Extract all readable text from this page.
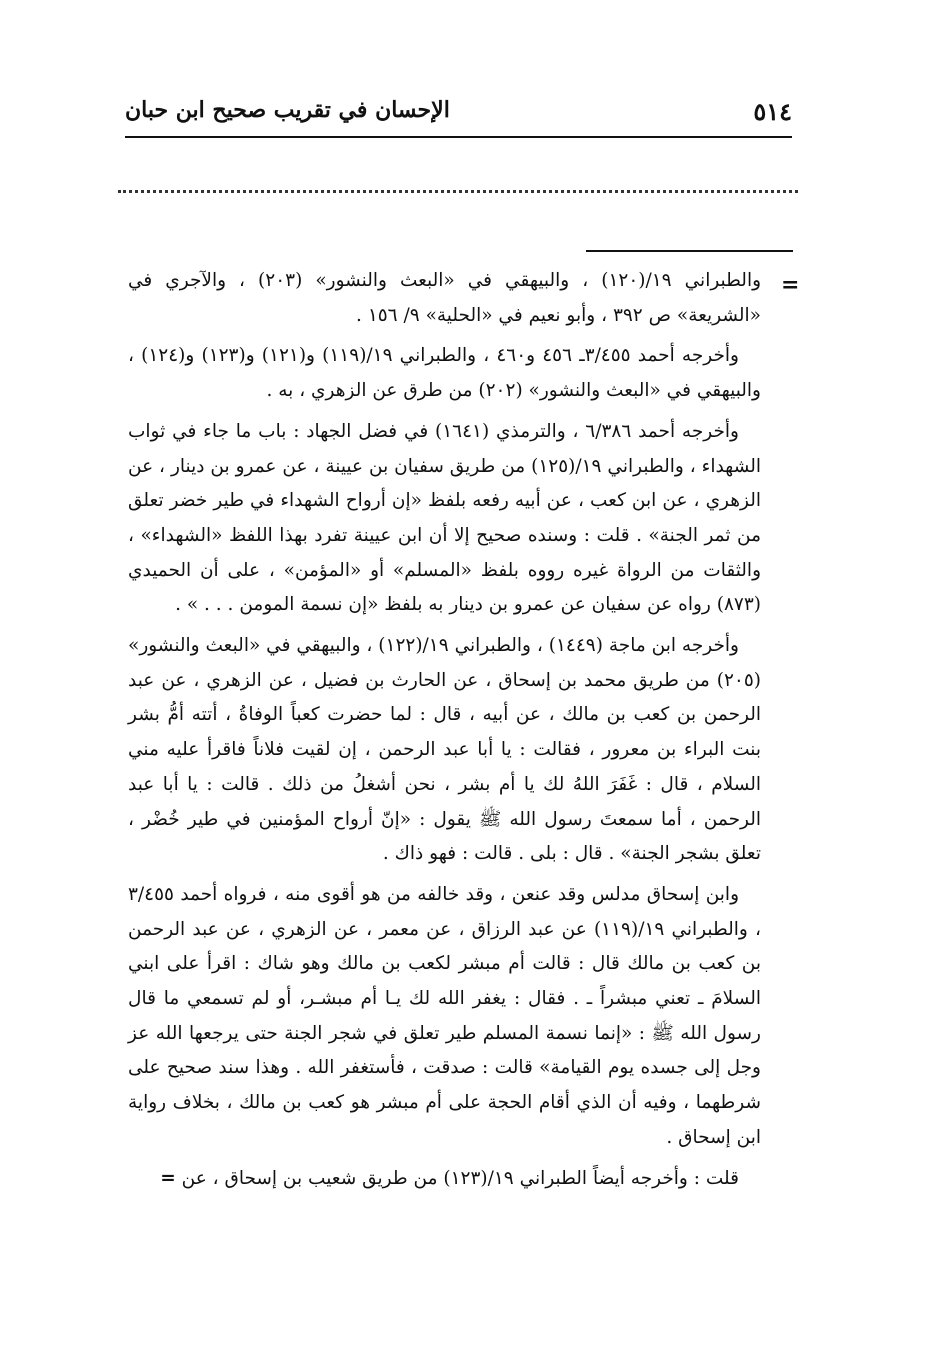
٥١٤
الإحسان في تقريب صحيح ابن حبان
=

والطبراني ١٩/(١٢٠) ، والبيهقي في «البعث والنشور» (٢٠٣) ، والآجري في «الشريعة» ص ٣٩٢ ، وأبو نعيم في «الحلية» ٩/ ١٥٦ .

وأخرجه أحمد ٣/٤٥٥ـ ٤٥٦ و٤٦٠ ، والطبراني ١٩/(١١٩) و(١٢١) و(١٢٣) و(١٢٤) ، والبيهقي في «البعث والنشور» (٢٠٢) من طرق عن الزهري ، به .

وأخرجه أحمد ٦/٣٨٦ ، والترمذي (١٦٤١) في فضل الجهاد : باب ما جاء في ثواب الشهداء ، والطبراني ١٩/(١٢٥) من طريق سفيان بن عيينة ، عن عمرو بن دينار ، عن الزهري ، عن ابن كعب ، عن أبيه رفعه بلفظ «إن أرواح الشهداء في طير خضر تعلق من ثمر الجنة» . قلت : وسنده صحيح إلا أن ابن عيينة تفرد بهذا اللفظ «الشهداء» ، والثقات من الرواة غيره رووه بلفظ «المسلم» أو «المؤمن» ، على أن الحميدي (٨٧٣) رواه عن سفيان عن عمرو بن دينار به بلفظ «إن نسمة المومن . . . » .

وأخرجه ابن ماجة (١٤٤٩) ، والطبراني ١٩/(١٢٢) ، والبيهقي في «البعث والنشور» (٢٠٥) من طريق محمد بن إسحاق ، عن الحارث بن فضيل ، عن الزهري ، عن عبد الرحمن بن كعب بن مالك ، عن أبيه ، قال : لما حضرت كعباً الوفاةُ ، أتته أمُّ بشر بنت البراء بن معرور ، فقالت : يا أبا عبد الرحمن ، إن لقيت فلاناً فاقرأ عليه مني السلام ، قال : غَفَرَ اللهُ لك يا أم بشر ، نحن أشغلُ من ذلك . قالت : يا أبا عبد الرحمن ، أما سمعتَ رسول الله ﷺ يقول : «إنّ أرواح المؤمنين في طير خُضْر ، تعلق بشجر الجنة» . قال : بلى . قالت : فهو ذاك .

وابن إسحاق مدلس وقد عنعن ، وقد خالفه من هو أقوى منه ، فرواه أحمد ٣/٤٥٥ ، والطبراني ١٩/(١١٩) عن عبد الرزاق ، عن معمر ، عن الزهري ، عن عبد الرحمن بن كعب بن مالك قال : قالت أم مبشر لكعب بن مالك وهو شاك : اقرأ على ابني السلامَ ـ تعني مبشراً ـ . فقال : يغفر الله لك يـا أم مبشـر، أو لم تسمعي ما قال رسول الله ﷺ : «إنما نسمة المسلم طير تعلق في شجر الجنة حتى يرجعها الله عز وجل إلى جسده يوم القيامة» قالت : صدقت ، فأستغفر الله . وهذا سند صحيح على شرطهما ، وفيه أن الذي أقام الحجة على أم مبشر هو كعب بن مالك ، بخلاف رواية ابن إسحاق .

قلت : وأخرجه أيضاً الطبراني ١٩/(١٢٣) من طريق شعيب بن إسحاق ، عن =
